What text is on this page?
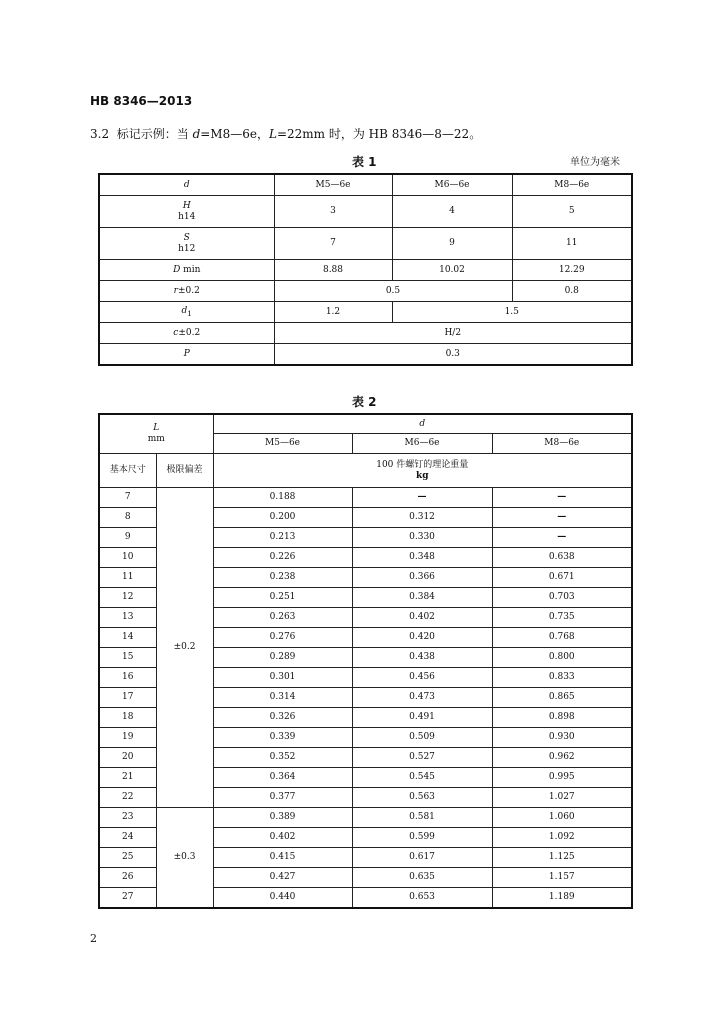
HB 8346—2013
3.2 标记示例：当 d=M8—6e，L=22mm 时，为 HB 8346—8—22。
表 1	单位为毫米
d	M5—6e	M6—6e	M8—6e
H
h14	3	4	5
S
h12	7	9	11
D min	8.88	10.02	12.29
r±0.2	0.5		0.8
$d_1$	1.2	1.5	
c±0.2	H/2		
P	0.3		
表 2
L
mm		d		
		M5—6e	M6—6e	M8—6e
基本尺寸	极限偏差	100 件螺钉的理论重量
kg		
7	±0.2	0.188	—	—
8		0.200	0.312	—
9		0.213	0.330	—
10		0.226	0.348	0.638
11		0.238	0.366	0.671
12		0.251	0.384	0.703
13		0.263	0.402	0.735
14		0.276	0.420	0.768
15		0.289	0.438	0.800
16		0.301	0.456	0.833
17		0.314	0.473	0.865
18		0.326	0.491	0.898
19		0.339	0.509	0.930
20		0.352	0.527	0.962
21		0.364	0.545	0.995
22		0.377	0.563	1.027
23	±0.3	0.389	0.581	1.060
24		0.402	0.599	1.092
25		0.415	0.617	1.125
26		0.427	0.635	1.157
27		0.440	0.653	1.189
2
